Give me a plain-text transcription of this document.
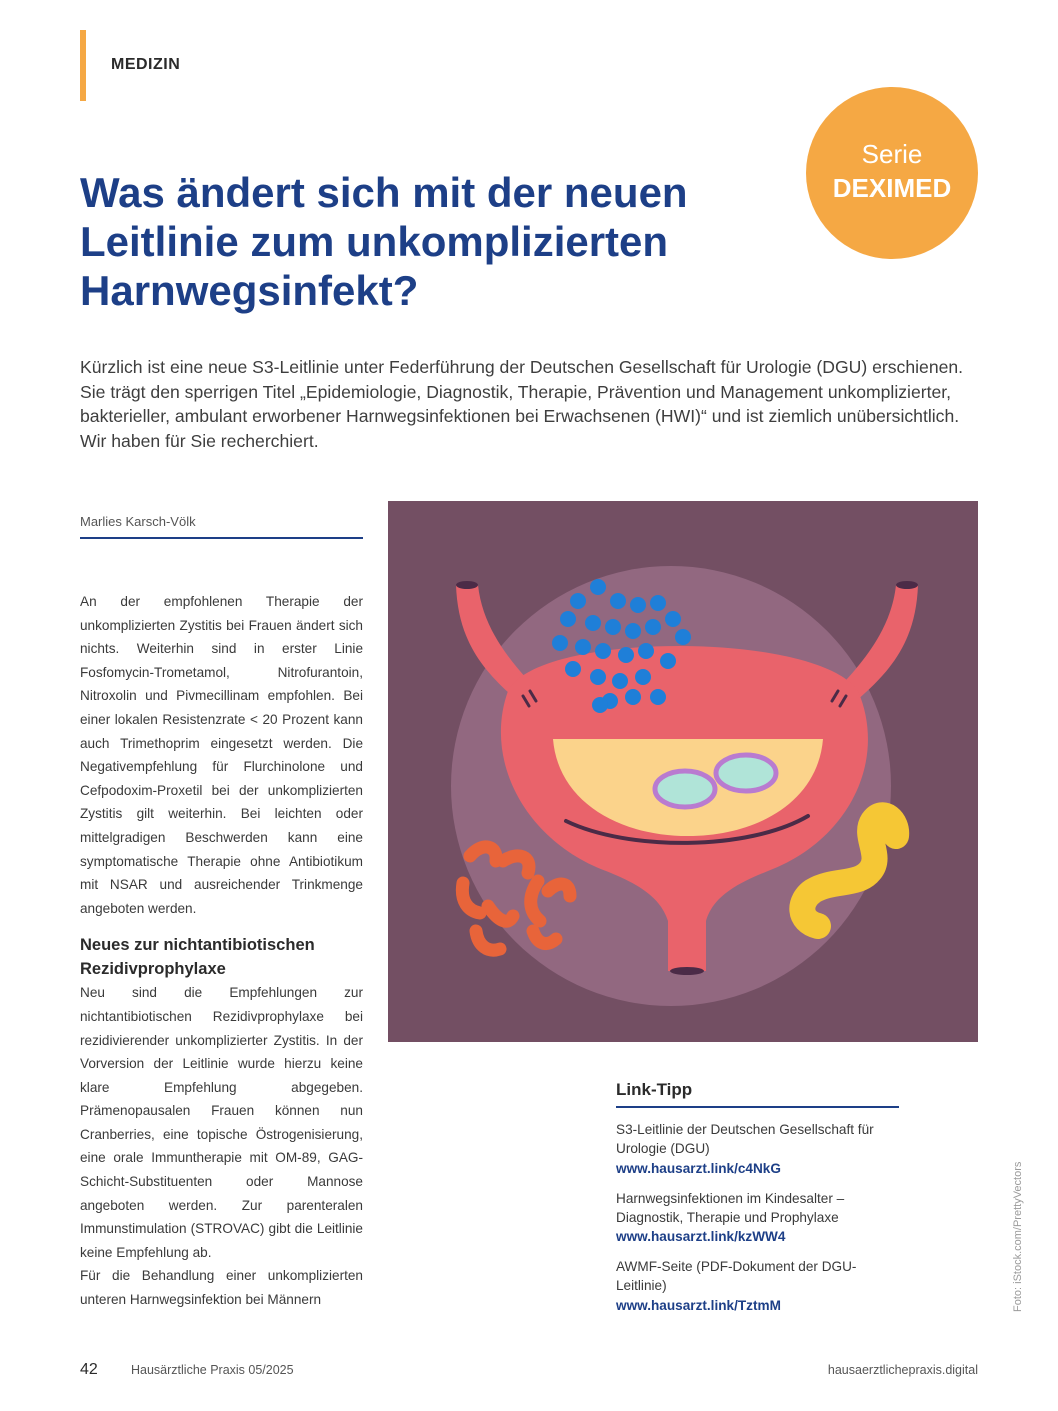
MEDIZIN
Serie
DEXIMED
Was ändert sich mit der neuen Leitlinie zum unkomplizierten Harnwegsinfekt?

Kürzlich ist eine neue S3-Leitlinie unter Federführung der Deutschen Gesellschaft für Urologie (DGU) erschienen. Sie trägt den sperrigen Titel „Epidemiologie, Diagnostik, Therapie, Prävention und Management unkomplizierter, bakterieller, ambulant erworbener Harnwegsinfektionen bei Erwachsenen (HWI)“ und ist ziemlich unübersichtlich. Wir haben für Sie recherchiert.

Marlies Karsch-Völk

An der empfohlenen Therapie der unkomplizierten Zystitis bei Frauen ändert sich nichts. Weiterhin sind in erster Linie Fosfomycin-Trometamol, Nitrofurantoin, Nitroxolin und Pivmecillinam empfohlen. Bei einer lokalen Resistenzrate < 20 Prozent kann auch Trimethoprim eingesetzt werden. Die Negativempfehlung für Flurchinolone und Cefpodoxim-Proxetil bei der unkomplizierten Zystitis gilt weiterhin. Bei leichten oder mittelgradigen Beschwerden kann eine symptomatische Therapie ohne Antibiotikum mit NSAR und ausreichender Trinkmenge angeboten werden.

Neues zur nichtantibiotischen Rezidivprophylaxe

Neu sind die Empfehlungen zur nichtantibiotischen Rezidivprophylaxe bei rezidivierender unkomplizierter Zystitis. In der Vorversion der Leitlinie wurde hierzu keine klare Empfehlung abgegeben. Prämenopausalen Frauen können nun Cranberries, eine topische Östrogenisierung, eine orale Immuntherapie mit OM-89, GAG-Schicht-Substituenten oder Mannose angeboten werden. Zur parenteralen Immunstimulation (STROVAC) gibt die Leitlinie keine Empfehlung ab.

Für die Behandlung einer unkomplizierten unteren Harnwegsinfektion bei Männern

Link-Tipp
S3-Leitlinie der Deutschen Gesellschaft für Urologie (DGU)
www.hausarzt.link/c4NkG
Harnwegsinfektionen im Kindesalter – Diagnostik, Therapie und Prophylaxe
www.hausarzt.link/kzWW4
AWMF-Seite (PDF-Dokument der DGU-Leitlinie)
www.hausarzt.link/TztmM	Foto: iStock.com/PrettyVectors
42	Hausärztliche Praxis 05/2025	hausaerztlichepraxis.digital
